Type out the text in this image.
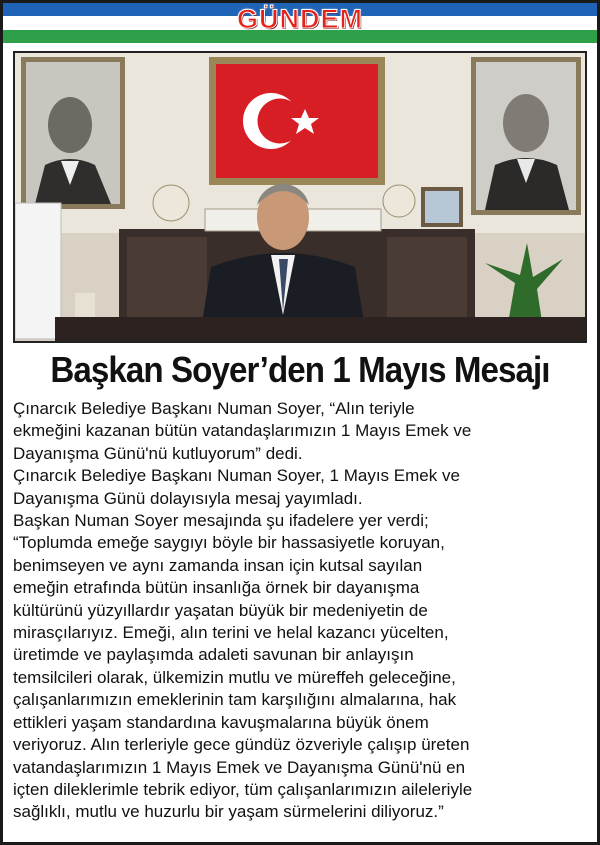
GÜNDEM
Başkan Soyer’den 1 Mayıs Mesajı
Çınarcık Belediye Başkanı Numan Soyer, “Alın teriyle
ekmeğini kazanan bütün vatandaşlarımızın 1 Mayıs Emek ve
Dayanışma Günü'nü kutluyorum” dedi.
Çınarcık Belediye Başkanı Numan Soyer, 1 Mayıs Emek ve
Dayanışma Günü dolayısıyla mesaj yayımladı.
Başkan Numan Soyer mesajında şu ifadelere yer verdi;
“Toplumda emeğe saygıyı böyle bir hassasiyetle koruyan,
benimseyen ve aynı zamanda insan için kutsal sayılan
emeğin etrafında bütün insanlığa örnek bir dayanışma
kültürünü yüzyıllardır yaşatan büyük bir medeniyetin de
mirasçılarıyız. Emeği, alın terini ve helal kazancı yücelten,
üretimde ve paylaşımda adaleti savunan bir anlayışın
temsilcileri olarak, ülkemizin mutlu ve müreffeh geleceğine,
çalışanlarımızın emeklerinin tam karşılığını almalarına, hak
ettikleri yaşam standardına kavuşmalarına büyük önem
veriyoruz. Alın terleriyle gece gündüz özveriyle çalışıp üreten
vatandaşlarımızın 1 Mayıs Emek ve Dayanışma Günü'nü en
içten dileklerimle tebrik ediyor, tüm çalışanlarımızın aileleriyle
sağlıklı, mutlu ve huzurlu bir yaşam sürmelerini diliyoruz.”
